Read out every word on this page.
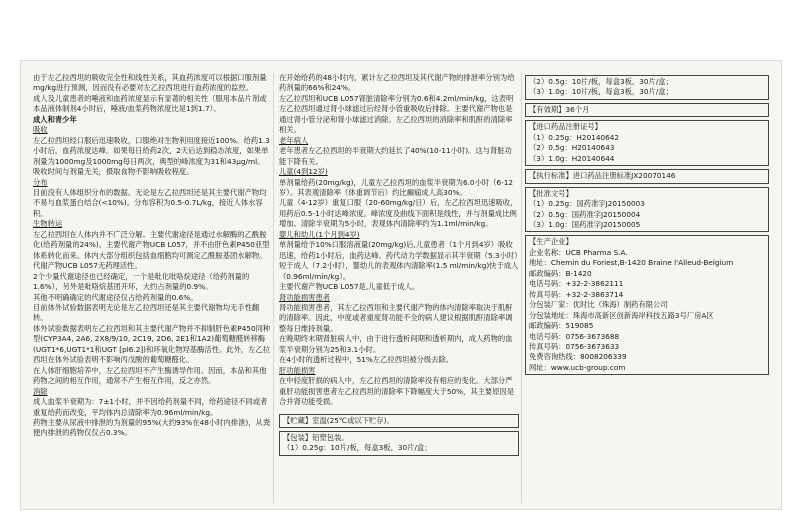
由于左乙拉西坦的吸收完全性和线性关系，其血药浓度可以根据口服剂量mg/kg进行预测，因而没有必要对左乙拉西坦进行血药浓度的监控。

成人及儿童患者的唾液和血药浓度显示有显著的相关性（服用本品片剂或本品液体制剂4小时后，唾液/血浆药物浓度比是1到1.7）。

成人和青少年

吸收

左乙拉西坦经口服后迅速吸收，口服绝对生物利用度接近100%。给药1.3小时后，血药浓度达峰。如果每日给药2次，2天后达到稳态浓度，如果单剂量为1000mg及1000mg每日两次，典型的峰浓度为31和43μg/ml。吸收时间与剂量无关，摄取食物不影响吸收程度。

分布

目前没有人体组织分布的数据。无论是左乙拉西坦还是其主要代谢产物均不易与血浆蛋白结合(<10%)。分布容积为0.5-0.7L/kg，接近人体水容积。

生物转运

左乙拉西坦在人体内并不广泛分解。主要代谢途径是通过水解酶的乙酰胺化(给药剂量的24%)。主要代谢产物UCB L057，并不由肝色素P450亚型体系转化而来。体内大部分组织包括血细胞均可测定乙酰胺基团水解物。代谢产物UCB L057无药理活性。

2个少量代谢途径也已经确定，一个是吡化吡咯烷途径（给药剂量的1.6%），另外是吡咯烷基团开环，大约占剂量的0.9%。

其他不明确确定的代谢途径仅占给药剂量的0.6%。

目前体外试验数据表明无论是左乙拉西坦还是其主要代谢物均无手性翻转。

体外试验数据表明左乙拉西坦和其主要代谢产物并不抑制肝色素P450同种型(CYP3A4, 2A6, 2X8/9/10, 2C19, 2D6, 2E1和1A2)葡萄糖醛转移酶(UGT1*6,UGT1*1和UGT [pl6.2])和环氧化物羟基酶活性。此外，左乙拉西坦在体外试验表明不影响丙戊酸的葡萄糖醛化。

在人体肝细胞培养中，左乙拉西坦不产生酶诱导作用。因而，本品和其他药物之间的相互作用，通常不产生相互作用，反之亦然。

消除

成人血浆半衰期为：7±1小时，并不因给药剂量不同，给药途径不同或者重复给药而改变，平均体内总清除率为0.96ml/min/kg。

药物主要从尿液中排泄的为剂量的95%(大约93%在48小时内排泄)，从粪便内排泄的药物仅仅占0.3%。

在开始给药的48小时内，累计左乙拉西坦及其代谢产物的排泄率分别为给药剂量的66%和24%。

左乙拉西坦和UCB L057肾脏清除率分别为0.6和4.2ml/min/kg，这表明左乙拉西坦通过肾小球滤过后经肾小管重吸收后排除。主要代谢产物也是通过肾小管分泌和肾小球滤过消除。左乙拉西坦的消除率和肌酐的清除率相关。

老年病人

老年患者左乙拉西坦的半衰期大约延长了40%(10-11小时)。这与肾脏功能下降有关。

儿童(4到12岁)

单剂量给药(20mg/kg)，儿童左乙拉西坦的血浆半衰期为6.0小时（6-12岁）。其表观清除率（体重调节后）约比癫痫成人高30%。

儿童（4-12岁）重复口服（20-60mg/kg/日）后，左乙拉西坦迅速吸收，用药后0.5-1小时达峰浓度。峰浓度及曲线下面积是线性，并与剂量成比例增加。清除半衰期为5小时，表观体内清除率约为1.1ml/min/kg。

婴儿和幼儿(1个月到4岁)

单剂量给予10%口服溶液量(20mg/kg)后,儿童患者（1个月到4岁）吸收迅速，给药1小时后，血药达峰。药代动力学数据显示其半衰期（5.3小时）短于成人（7.2小时），婴幼儿的表观体内清除率(1.5 ml/min/kg)快于成人（0.96ml/min/kg）。

主要代谢产物UCB L057是,儿童低于成人。

肾功能损害患者

肾功能损害患者，其左乙拉西坦和主要代谢产物的体内清除率取决于肌酐的清除率。因此，中度或者重度肾功能不全的病人建议根据肌酐清除率调整每日维持剂量。

在晚期终末期肾脏病人中，由于进行透析间期和透析期内，成人药物的血浆半衰期分别为25和3.1小时。

在4小时的透析过程中，51%左乙拉西坦被分级去除。

肝功能损害

在中轻度肝损的病人中，左乙拉西坦的清除率没有相应的变化。大部分严重肝功能损害患者左乙拉西坦的清除率下降幅度大于50%，其主要原因是合并肾功能受损。

【贮藏】室温(25℃或以下贮存)。

【包装】铝塑包装。

（1）0.25g：10片/板，每盒3板，30片/盒；

（2）0.5g：10片/板，每盒3板，30片/盒；

（3）1.0g：10片/板，每盒3板，30片/盒；

【有效期】36个月

【进口药品注册证号】

（1）0.25g：H20140642

（2）0.5g：H20140643

（3）1.0g：H20140644

【执行标准】进口药品注册标准JX20070146

【批准文号】

（1）0.25g：国药准字J20150003

（2）0.5g：国药准字J20150004

（3）1.0g：国药准字J20150005

【生产企业】

企业名称：UCB Pharma S.A.

地址：Chemin du Foriest,B-1420 Braine l'Alleud-Belgium

邮政编码：B-1420

电话号码：+32-2-3862111

传真号码：+32-2-3863714

分包装厂家：优时比（珠海）制药有限公司

分包装地址：珠海市高新区创新海岸科技五路3号厂房A区

邮政编码：519085

电话号码：0756-3673688

传真号码：0756-3673633

免费咨询热线：8008206339

网址：www.ucb-group.com
